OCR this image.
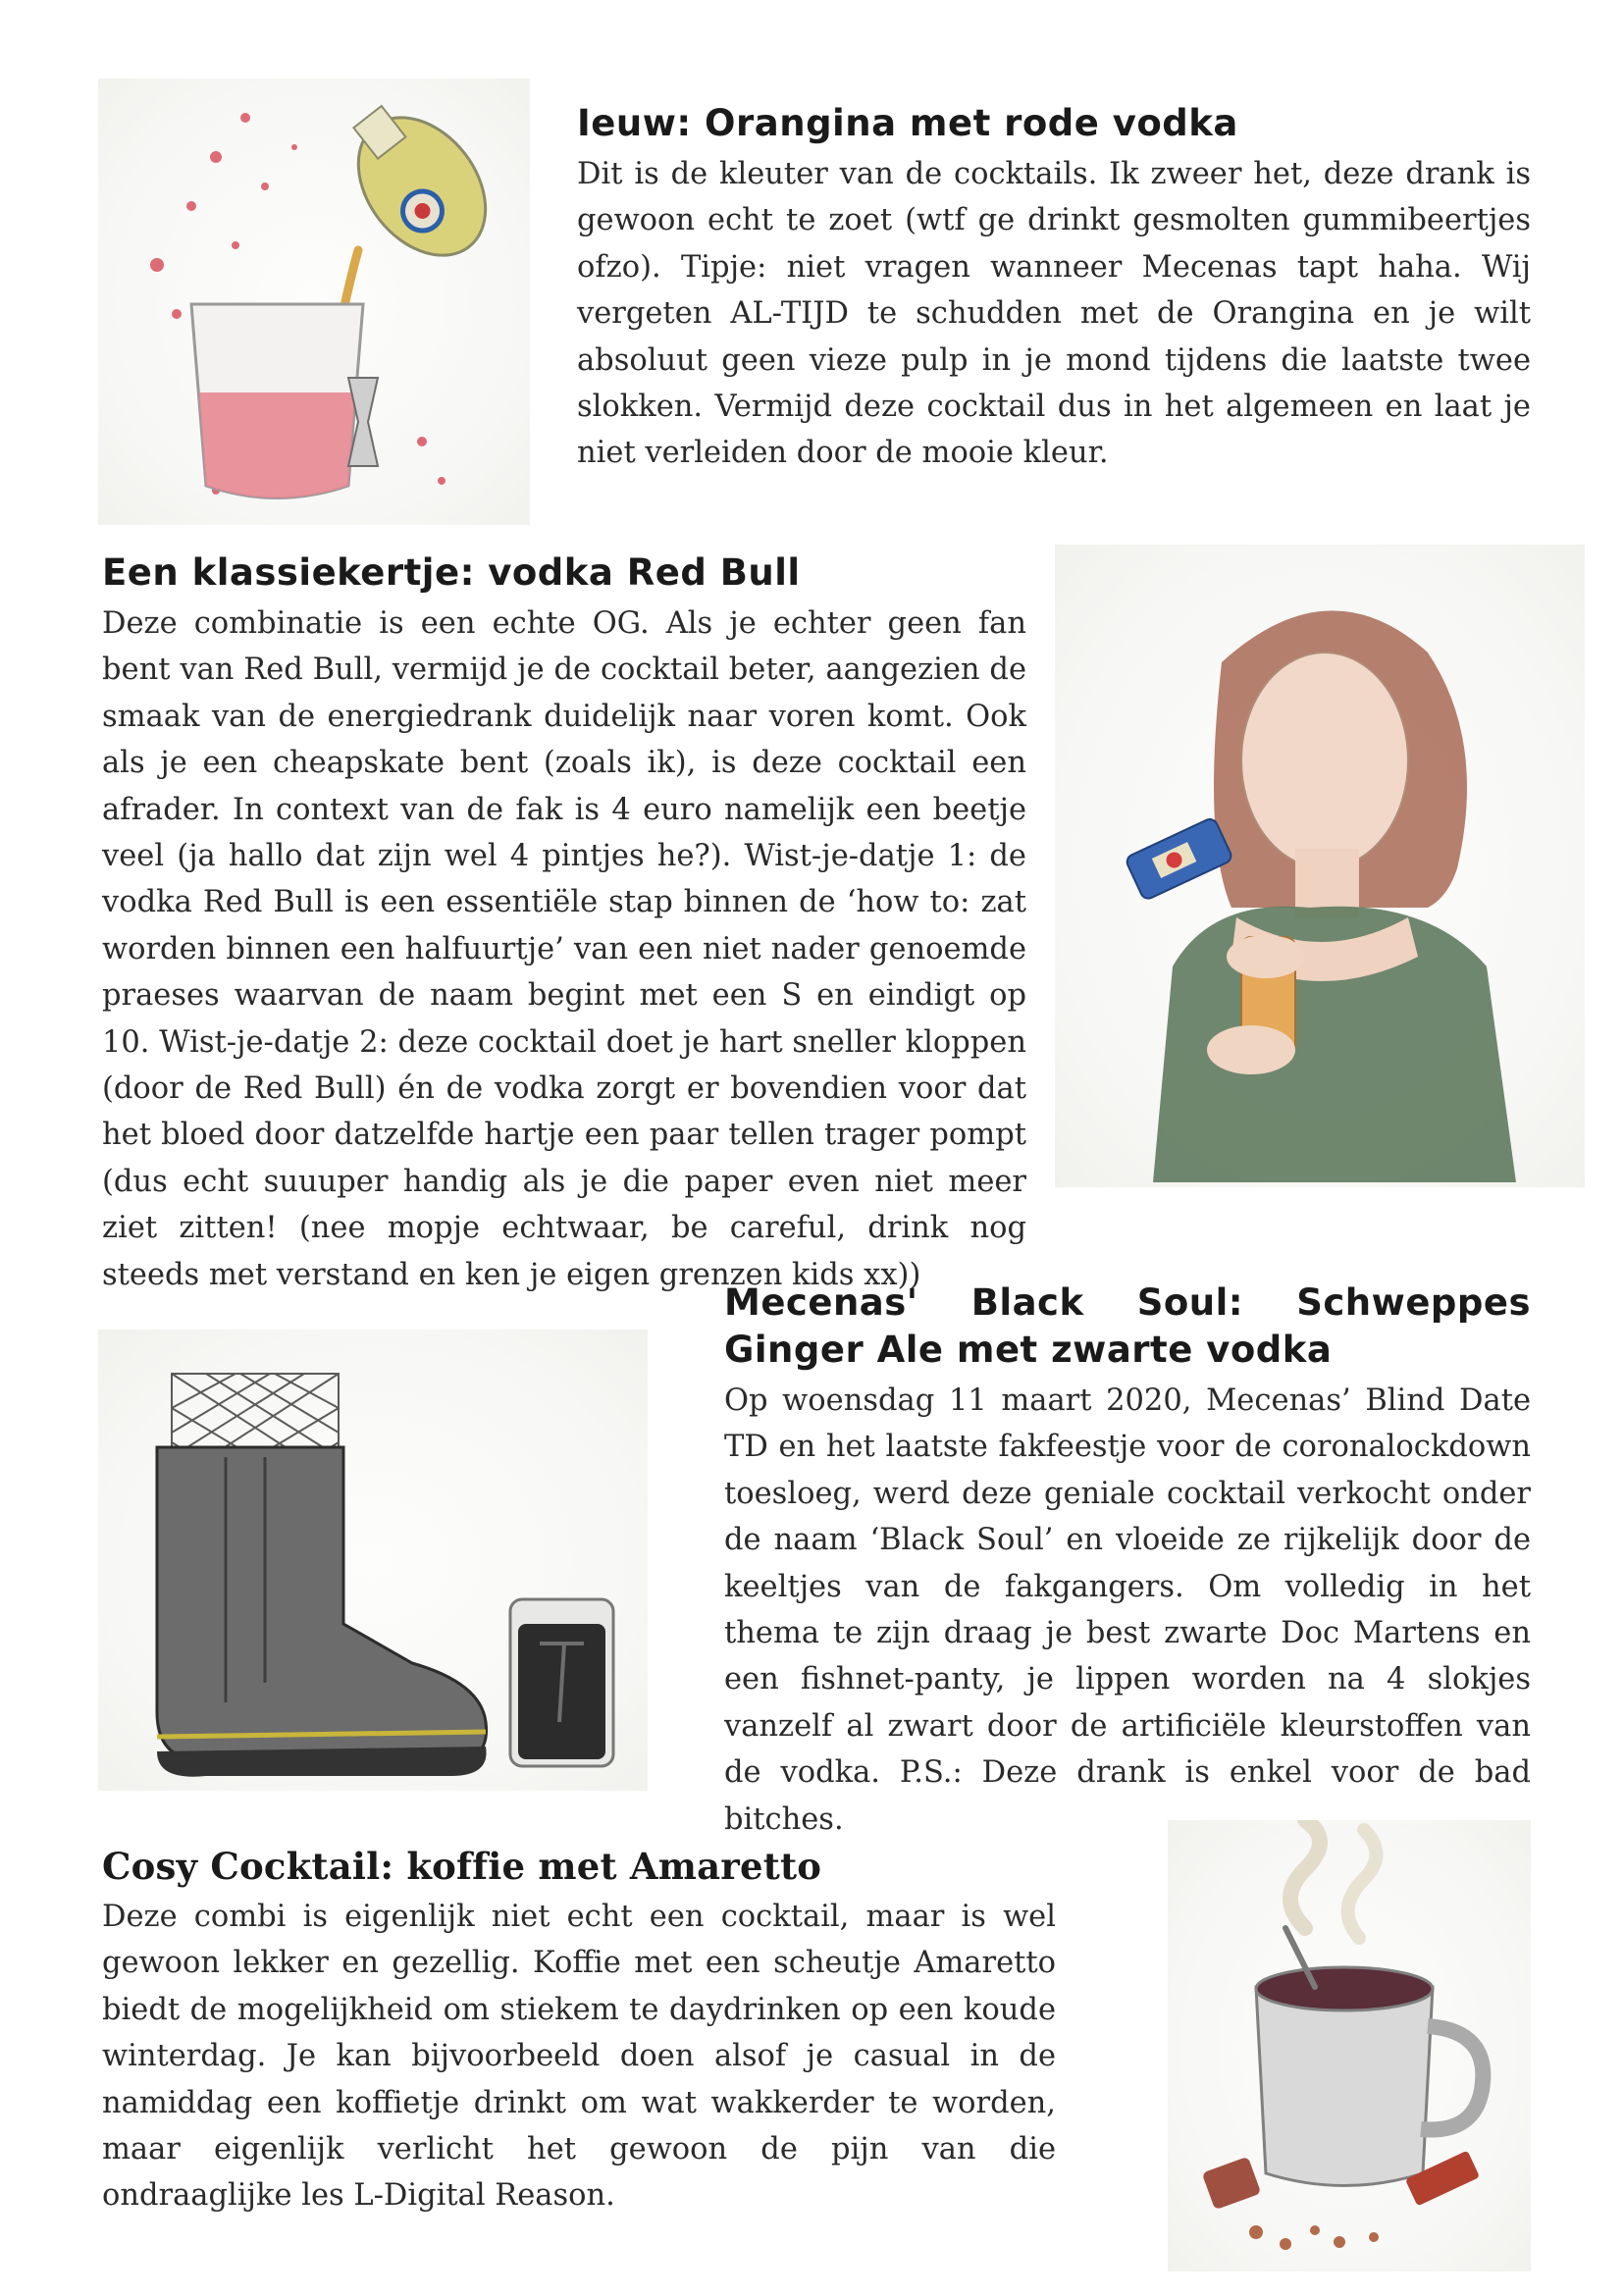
Ieuw: Orangina met rode vodka

Dit is de kleuter van de cocktails. Ik zweer het, deze drank is gewoon echt te zoet (wtf ge drinkt gesmolten gummibeertjes ofzo). Tipje: niet vragen wanneer Mecenas tapt haha. Wij vergeten AL-TIJD te schudden met de Orangina en je wilt absoluut geen vieze pulp in je mond tijdens die laatste twee slokken. Vermijd deze cocktail dus in het algemeen en laat je niet verleiden door de mooie kleur.

Een klassiekertje: vodka Red Bull

Deze combinatie is een echte OG. Als je echter geen fan bent van Red Bull, vermijd je de cocktail beter, aangezien de smaak van de energiedrank duidelijk naar voren komt. Ook als je een cheapskate bent (zoals ik), is deze cocktail een afrader. In context van de fak is 4 euro namelijk een beetje veel (ja hallo dat zijn wel 4 pintjes he?). Wist-je-datje 1: de vodka Red Bull is een essentiële stap binnen de ‘how to: zat worden binnen een halfuurtje’ van een niet nader genoemde praeses waarvan de naam begint met een S en eindigt op 10. Wist-je-datje 2: deze cocktail doet je hart sneller kloppen (door de Red Bull) én de vodka zorgt er bovendien voor dat het bloed door datzelfde hartje een paar tellen trager pompt (dus echt suuuper handig als je die paper even niet meer ziet zitten! (nee mopje echtwaar, be careful, drink nog steeds met verstand en ken je eigen grenzen kids xx))

Mecenas' Black Soul: Schweppes Ginger Ale met zwarte vodka

Op woensdag 11 maart 2020, Mecenas’ Blind Date TD en het laatste fakfeestje voor de coronalockdown toesloeg, werd deze geniale cocktail verkocht onder de naam ‘Black Soul’ en vloeide ze rijkelijk door de keeltjes van de fakgangers. Om volledig in het thema te zijn draag je best zwarte Doc Martens en een fishnet-panty, je lippen worden na 4 slokjes vanzelf al zwart door de artificiële kleurstoffen van de vodka. P.S.: Deze drank is enkel voor de bad bitches.

Cosy Cocktail: koffie met Amaretto

Deze combi is eigenlijk niet echt een cocktail, maar is wel gewoon lekker en gezellig. Koffie met een scheutje Amaretto biedt de mogelijkheid om stiekem te daydrinken op een koude winterdag. Je kan bijvoorbeeld doen alsof je casual in de namiddag een koffietje drinkt om wat wakkerder te worden, maar eigenlijk verlicht het gewoon de pijn van die ondraaglijke les L-Digital Reason.
